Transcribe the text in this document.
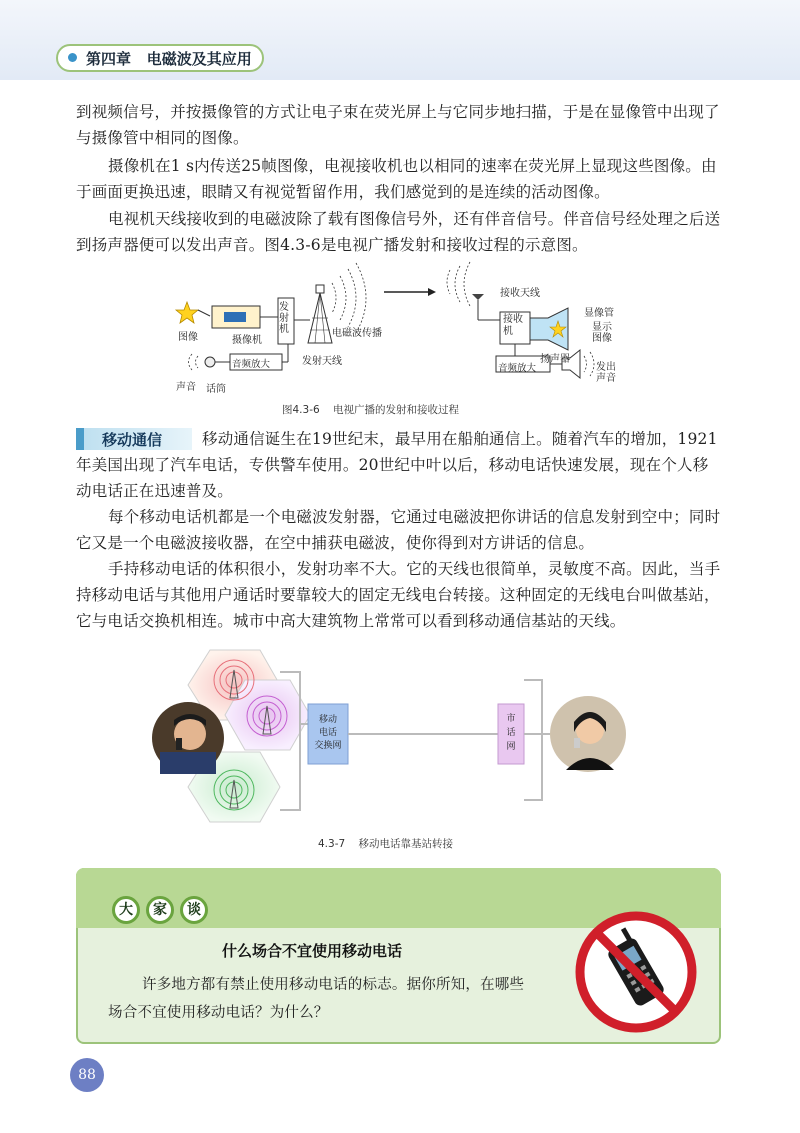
第四章 电磁波及其应用
到视频信号，并按摄像管的方式让电子束在荧光屏上与它同步地扫描，于是在显像管中出现了
与摄像管中相同的图像。
摄像机在1 s内传送25帧图像，电视接收机也以相同的速率在荧光屏上显现这些图像。由
于画面更换迅速，眼睛又有视觉暂留作用，我们感觉到的是连续的活动图像。
电视机天线接收到的电磁波除了载有图像信号外，还有伴音信号。伴音信号经处理之后送
到扬声器便可以发出声音。图4.3-6是电视广播发射和接收过程的示意图。
图像	摄像机
发射机
音频放大
声音 话筒
电磁波传播
发射天线
接收天线
接收机
显像管
显示图像
音频放大
扬声器
发出声音
图4.3-6 电视广播的发射和接收过程
移动通信	移动通信诞生在19世纪末，最早用在船舶通信上。随着汽车的增加，1921
年美国出现了汽车电话，专供警车使用。20世纪中叶以后，移动电话快速发展，现在个人移
动电话正在迅速普及。
每个移动电话机都是一个电磁波发射器，它通过电磁波把你讲话的信息发射到空中；同时
它又是一个电磁波接收器，在空中捕获电磁波，使你得到对方讲话的信息。
手持移动电话的体积很小，发射功率不大。它的天线也很简单，灵敏度不高。因此，当手
持移动电话与其他用户通话时要靠较大的固定无线电台转接。这种固定的无线电台叫做基站，
它与电话交换机相连。城市中高大建筑物上常常可以看到移动通信基站的天线。
移动
电话
交换网
市
话
网
4.3-7 移动电话靠基站转接
大	家	谈
什么场合不宜使用移动电话
许多地方都有禁止使用移动电话的标志。据你所知，在哪些
场合不宜使用移动电话？为什么？
88
